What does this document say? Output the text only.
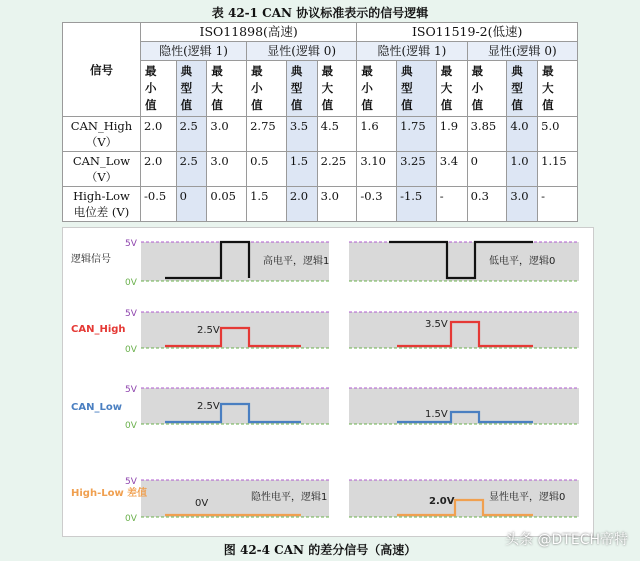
表 42-1 CAN 协议标准表示的信号逻辑
信号	ISO11898(高速)						ISO11519-2(低速)					
	隐性(逻辑 1)			显性(逻辑 0)			隐性(逻辑 1)			显性(逻辑 0)		
	最
小
值	典
型
值	最
大
值	最
小
值	典
型
值	最
大
值	最
小
值	典
型
值	最
大
值	最
小
值	典
型
值	最
大
值
CAN_High
（V）	2.0	2.5	3.0	2.75	3.5	4.5	1.6	1.75	1.9	3.85	4.0	5.0
CAN_Low
（V）	2.0	2.5	3.0	0.5	1.5	2.25	3.10	3.25	3.4	0	1.0	1.15
High-Low
电位差 (V)	-0.5	0	0.05	1.5	2.0	3.0	-0.3	-1.5	-	0.3	3.0	-
5V
0V
5V
0V
5V
0V
5V
0V
逻辑信号
CAN_High
CAN_Low
High-Low 差值
高电平，逻辑1	低电平，逻辑0
2.5V
3.5V
2.5V
1.5V
0V
隐性电平，逻辑1	2.0V	显性电平，逻辑0
图 42-4 CAN 的差分信号（高速）
头条 @DTECH帝特
